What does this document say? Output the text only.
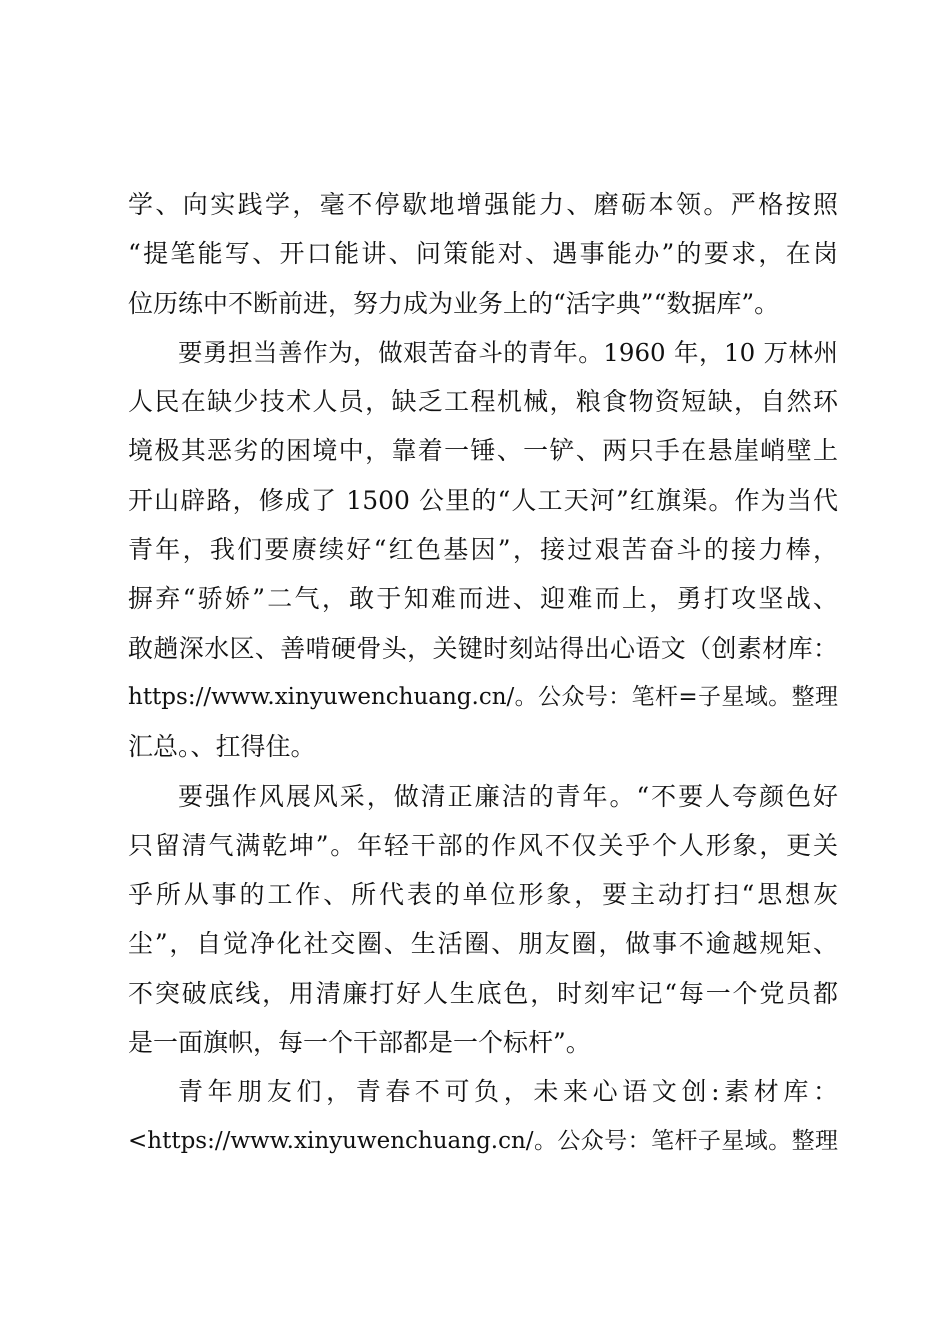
学、向实践学，毫不停歇地增强能力、磨砺本领。严格按照
“提笔能写、开口能讲、问策能对、遇事能办”的要求，在岗
位历练中不断前进，努力成为业务上的“活字典”“数据库”。
要勇担当善作为，做艰苦奋斗的青年。1960 年，10 万林州
人民在缺少技术人员，缺乏工程机械，粮食物资短缺，自然环
境极其恶劣的困境中，靠着一锤、一铲、两只手在悬崖峭壁上
开山辟路，修成了 1500 公里的“人工天河”红旗渠。作为当代
青年，我们要赓续好“红色基因”，接过艰苦奋斗的接力棒，
摒弃“骄娇”二气，敢于知难而进、迎难而上，勇打攻坚战、
敢趟深水区、善啃硬骨头，关键时刻站得出心语文（创素材库：
https://www.xinyuwenchuang.cn/。公众号：笔杆=子星域。整理
汇总。、扛得住。
要强作风展风采，做清正廉洁的青年。“不要人夸颜色好
只留清气满乾坤”。年轻干部的作风不仅关乎个人形象，更关
乎所从事的工作、所代表的单位形象，要主动打扫“思想灰
尘”，自觉净化社交圈、生活圈、朋友圈，做事不逾越规矩、
不突破底线，用清廉打好人生底色，时刻牢记“每一个党员都
是一面旗帜，每一个干部都是一个标杆”。
青年朋友们，青春不可负，未来心语文创:素材库：
<https://www.xinyuwenchuang.cn/。公众号：笔杆子星域。整理
